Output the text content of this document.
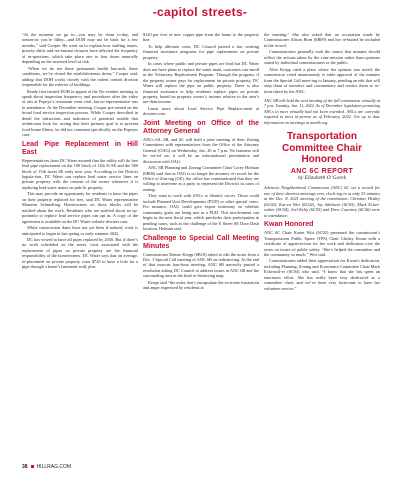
-capitol streets-

“At the moment we go in—you may be clean to-day, and tomorrow you’re filthy—and DOH may not be back for a few months,” said Cooper. He went on to explain how staffing issues, priority shifts and res-taurant closures have affected the frequency of in-spections, which take place one to four times annu-ally depending on the assessed level of risk.

“When we do see these permanent health haz-ards, these conditions, we’ve closed the establish-ments down,” Cooper said, adding that DOH works closely with the rodent control division responsible for the exterior of buildings.

Ready first invited DOH to appear at the No-vember meeting to speak about inspection frequen-cy and procedures after the video of rats at Popeye’s restaurant went viral, but no representative was in attendance. At the December meeting, Cooper pre-sented on the broad food service inspection process. While Cooper described in detail the infractions and indicators of potential trouble that technicians look for, noting that their primary goal is to prevent food-borne illness, he did not comment specifically on the Popeyes case.

Lead Pipe Replacement in Hill East

Representatives from DC Water assured that the utility will do free lead pipe replacement on the 100 block of 14th St SE and the 900 block of 15th street SE early next year. According to the District legisla-tion, DC Water can replace lead water service lines on private property with the consent of the owner whenever it is replacing lead water mains on pub-lic property.

This may provide an opportunity for residents to have the pipes on their property replaced for free, said DC Water representative Maureen Schmelling. Homeowners on those blocks will be notified about the work. Residents who are notified about an op-portunity to replace lead service pipes can opt in. A copy of the agreement is available on the DC Water website dewater.com.

While construction dates have not yet been fi-nalized, work is anticipated to begin in late spring or early summer 2022.

DC has vowed to have all pipes replaced by 2030. But if there’s no work scheduled on the street, costs associated with the replacement of pipes on private property are the financial responsibility of the homeowners. DC Water says that on average, re-placement on private property costs $720 to have a hole for a pipe through a home’s basement wall, plus

$120 per foot of new copper pipe from the home to the property line.

To help alleviate costs, DC Council passed a law creating financial assistance programs for pipe replacement on private property.

In cases where public and private pipes are lead but DC Water does not have plans to replace the water main, customers can enroll in the Volun-tary Replacement Program. Through the program, if the property owner pays for replacement on private property, DC Water will replace the pipe on public property. There is also financial assistance to help residents replace pipes on private property, based on property owner’s income relative to the area’s me-dian income.

Learn more about Lead Service Pipe Replace-ment at dcwater.com.

Joint Meeting on Office of the Attorney General

ANCs 6A, 6B, and 6C will hold a joint meeting of their Zoning Committees with representatives from the Office of the Attorney General (OAG) on Wednesday, Jan. 26 at 7 p.m. No business will be vot-ed on; it will be an informational presentation and discussion with OAG.

ANC 6B Planning and Zoning Committee Chair Corey Holman (6B06) said that as OAG is no longer the attorney of record for the Office of Zon-ing (OZ), the office has communicated that they are willing to intervene as a party to represent the Dis-trict in cases of zoning.

They want to work with ANCs to identify cas-es. Those could include Planned Unit Developments (PUD) or other special cases. For instance, OAG could give expert testimony on whether community goals are being met in a PUD. This involvement can begin in the next fiscal year, which precludes their participation in pending cases, such as the challenge of the E Street SE Door Dash location, Holman said.

Challenge to Special Call Meeting Minutes

Commissioner Denise Krepp (6B10) asked to edit the notes from a Dec. 1 Special Call meeting of ANC 6B on redistricting. At the end of that raucous four-hour meeting, ANC 6B narrowly passed a resolution asking DC Council to address issues in ANC 6B and the surrounding area in the final re-districting map.

Krepp said “the notes don’t encapsulate the ex-treme frustration and anger expressed by residents at

the meeting.” She also asked that an accusation made by Commissioner Alison Horn (6B09) and her re-butted be included in the record.

Commissioners generally took the stance that minutes should reflect the actions taken by the com-mission rather than opinions stated by individual commissioners or the public.

After Krepp cited a place where her opinion was noted, the commission voted unanimously to table approval of the minutes from the Special Call meet-ing to January, pending an edit that will strip them of narrative and commentary and restrict them to ac-tions taken by the ANC.

ANC 6B will hold the next meeting of the full commission virtually at 7 p.m. Tuesday, Jan. 11, 2022. As of December legislation permitting ANCs to meet virtually had not been extended. ANCs are currently required to meet in-person as of February, 2022. Get up to date information on meetings at anc6b.org.
Transportation Committee Chair Honored
ANC 6C REPORT
by Elizabeth O’Gorek

Advisory Neighborhood Commission (ANC) 6C set a record for one of their shortest meetings ever, clock-ing in at only 53 minutes at the Dec. 8, 2021 meeting of the commission. Christine Healey (6C02), Kar-en Wirt (6C02), Jay Adelstein (6C03), Mark Eckee-walter (6C04), Joel Kelty (6C05) and Drew Courtney (6C06) were in attendance.

Kwan Honored

ANC 6C Chair Karen Wirt (6C02) presented the commission’s Transportation Public Space (TPS) Chair Christy Kwan with a certificate of apprecia-tion for her work and dedication over the years on issues of public safety. “She’s helped the committee and the community so much,” Wirt said.

Commissioners added their appreciation for Kwan’s dedication, including Planning, Zoning and Economics Committee Chair Mark Eckenwil-er (6C04) who said, “I know that she has spent an enormous effort. She has really been very dedicat-ed as a committee chair, and we’ve been very fortu-nate to have her volunteer service.”

38 HILLRAG.COM
